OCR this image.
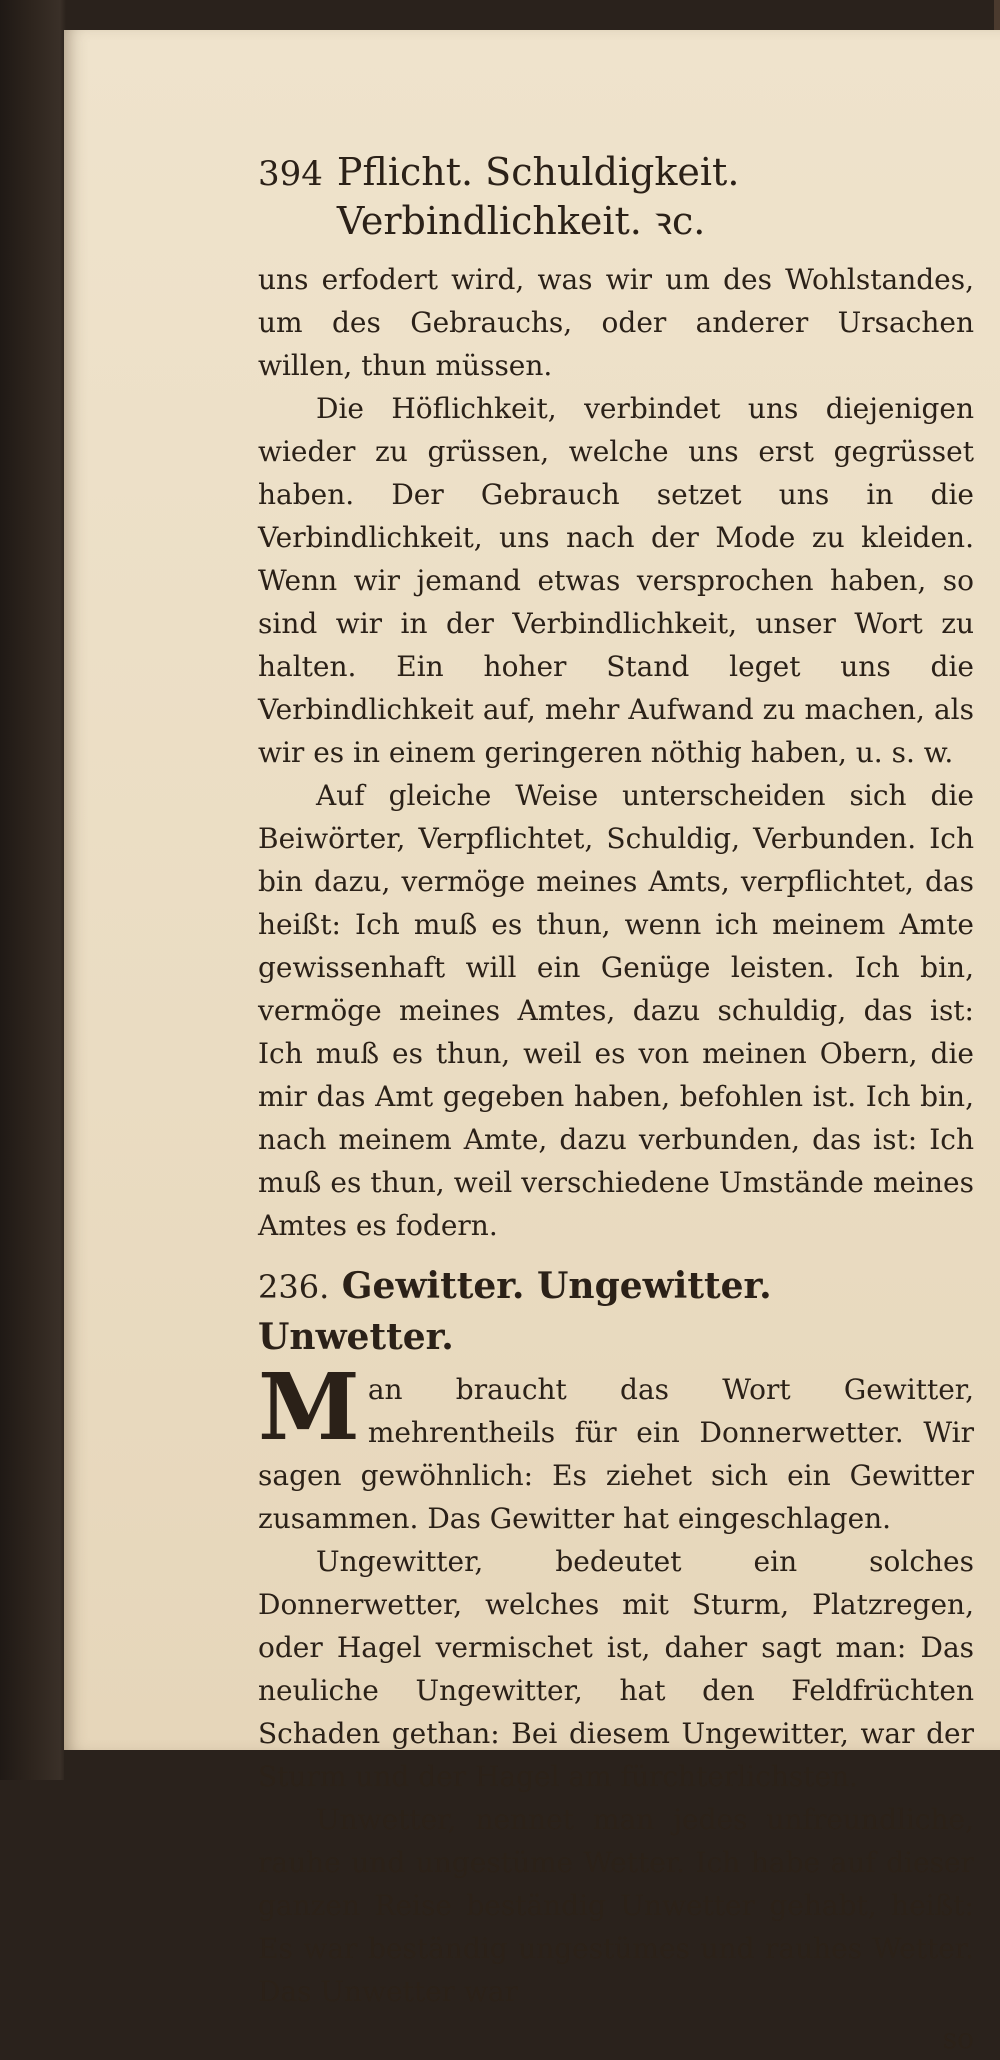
394 Pflicht. Schuldigkeit. Verbindlichkeit. ꝛc.

uns erfodert wird, was wir um des Wohlstandes, um des Gebrauchs, oder anderer Ursachen willen, thun müssen.

Die Höflichkeit, verbindet uns diejenigen wieder zu grüssen, welche uns erst gegrüsset haben. Der Gebrauch setzet uns in die Verbindlichkeit, uns nach der Mode zu kleiden. Wenn wir jemand etwas versprochen haben, so sind wir in der Verbindlichkeit, unser Wort zu halten. Ein hoher Stand leget uns die Verbindlichkeit auf, mehr Aufwand zu machen, als wir es in einem geringeren nöthig haben, u. s. w.

Auf gleiche Weise unterscheiden sich die Beiwörter, Verpflichtet, Schuldig, Verbunden. Ich bin dazu, vermöge meines Amts, verpflichtet, das heißt: Ich muß es thun, wenn ich meinem Amte gewissenhaft will ein Genüge leisten. Ich bin, vermöge meines Amtes, dazu schuldig, das ist: Ich muß es thun, weil es von meinen Obern, die mir das Amt gegeben haben, befohlen ist. Ich bin, nach meinem Amte, dazu verbunden, das ist: Ich muß es thun, weil verschiedene Umstände meines Amtes es fodern.

236. Gewitter. Ungewitter. Unwetter.

Man braucht das Wort Gewitter, mehrentheils für ein Donnerwetter. Wir sagen gewöhnlich: Es ziehet sich ein Gewitter zusammen. Das Gewitter hat eingeschlagen.

Ungewitter, bedeutet ein solches Donnerwetter, welches mit Sturm, Platzregen, oder Hagel vermischet ist, daher sagt man: Das neuliche Ungewitter, hat den Feldfrüchten Schaden gethan: Bei diesem Ungewitter, war der Sturm und der Hagel am fürchterlichsten.

Unwetter, nennet man jedes unfreundliche, rauhe und ungestüme Wetter. Ich habe auf dieser ganzen Reise beständig Unwetter gehabt, heißt: Es war beständig ungestümes und rauhes Wetter. Das Unwetter war

so
